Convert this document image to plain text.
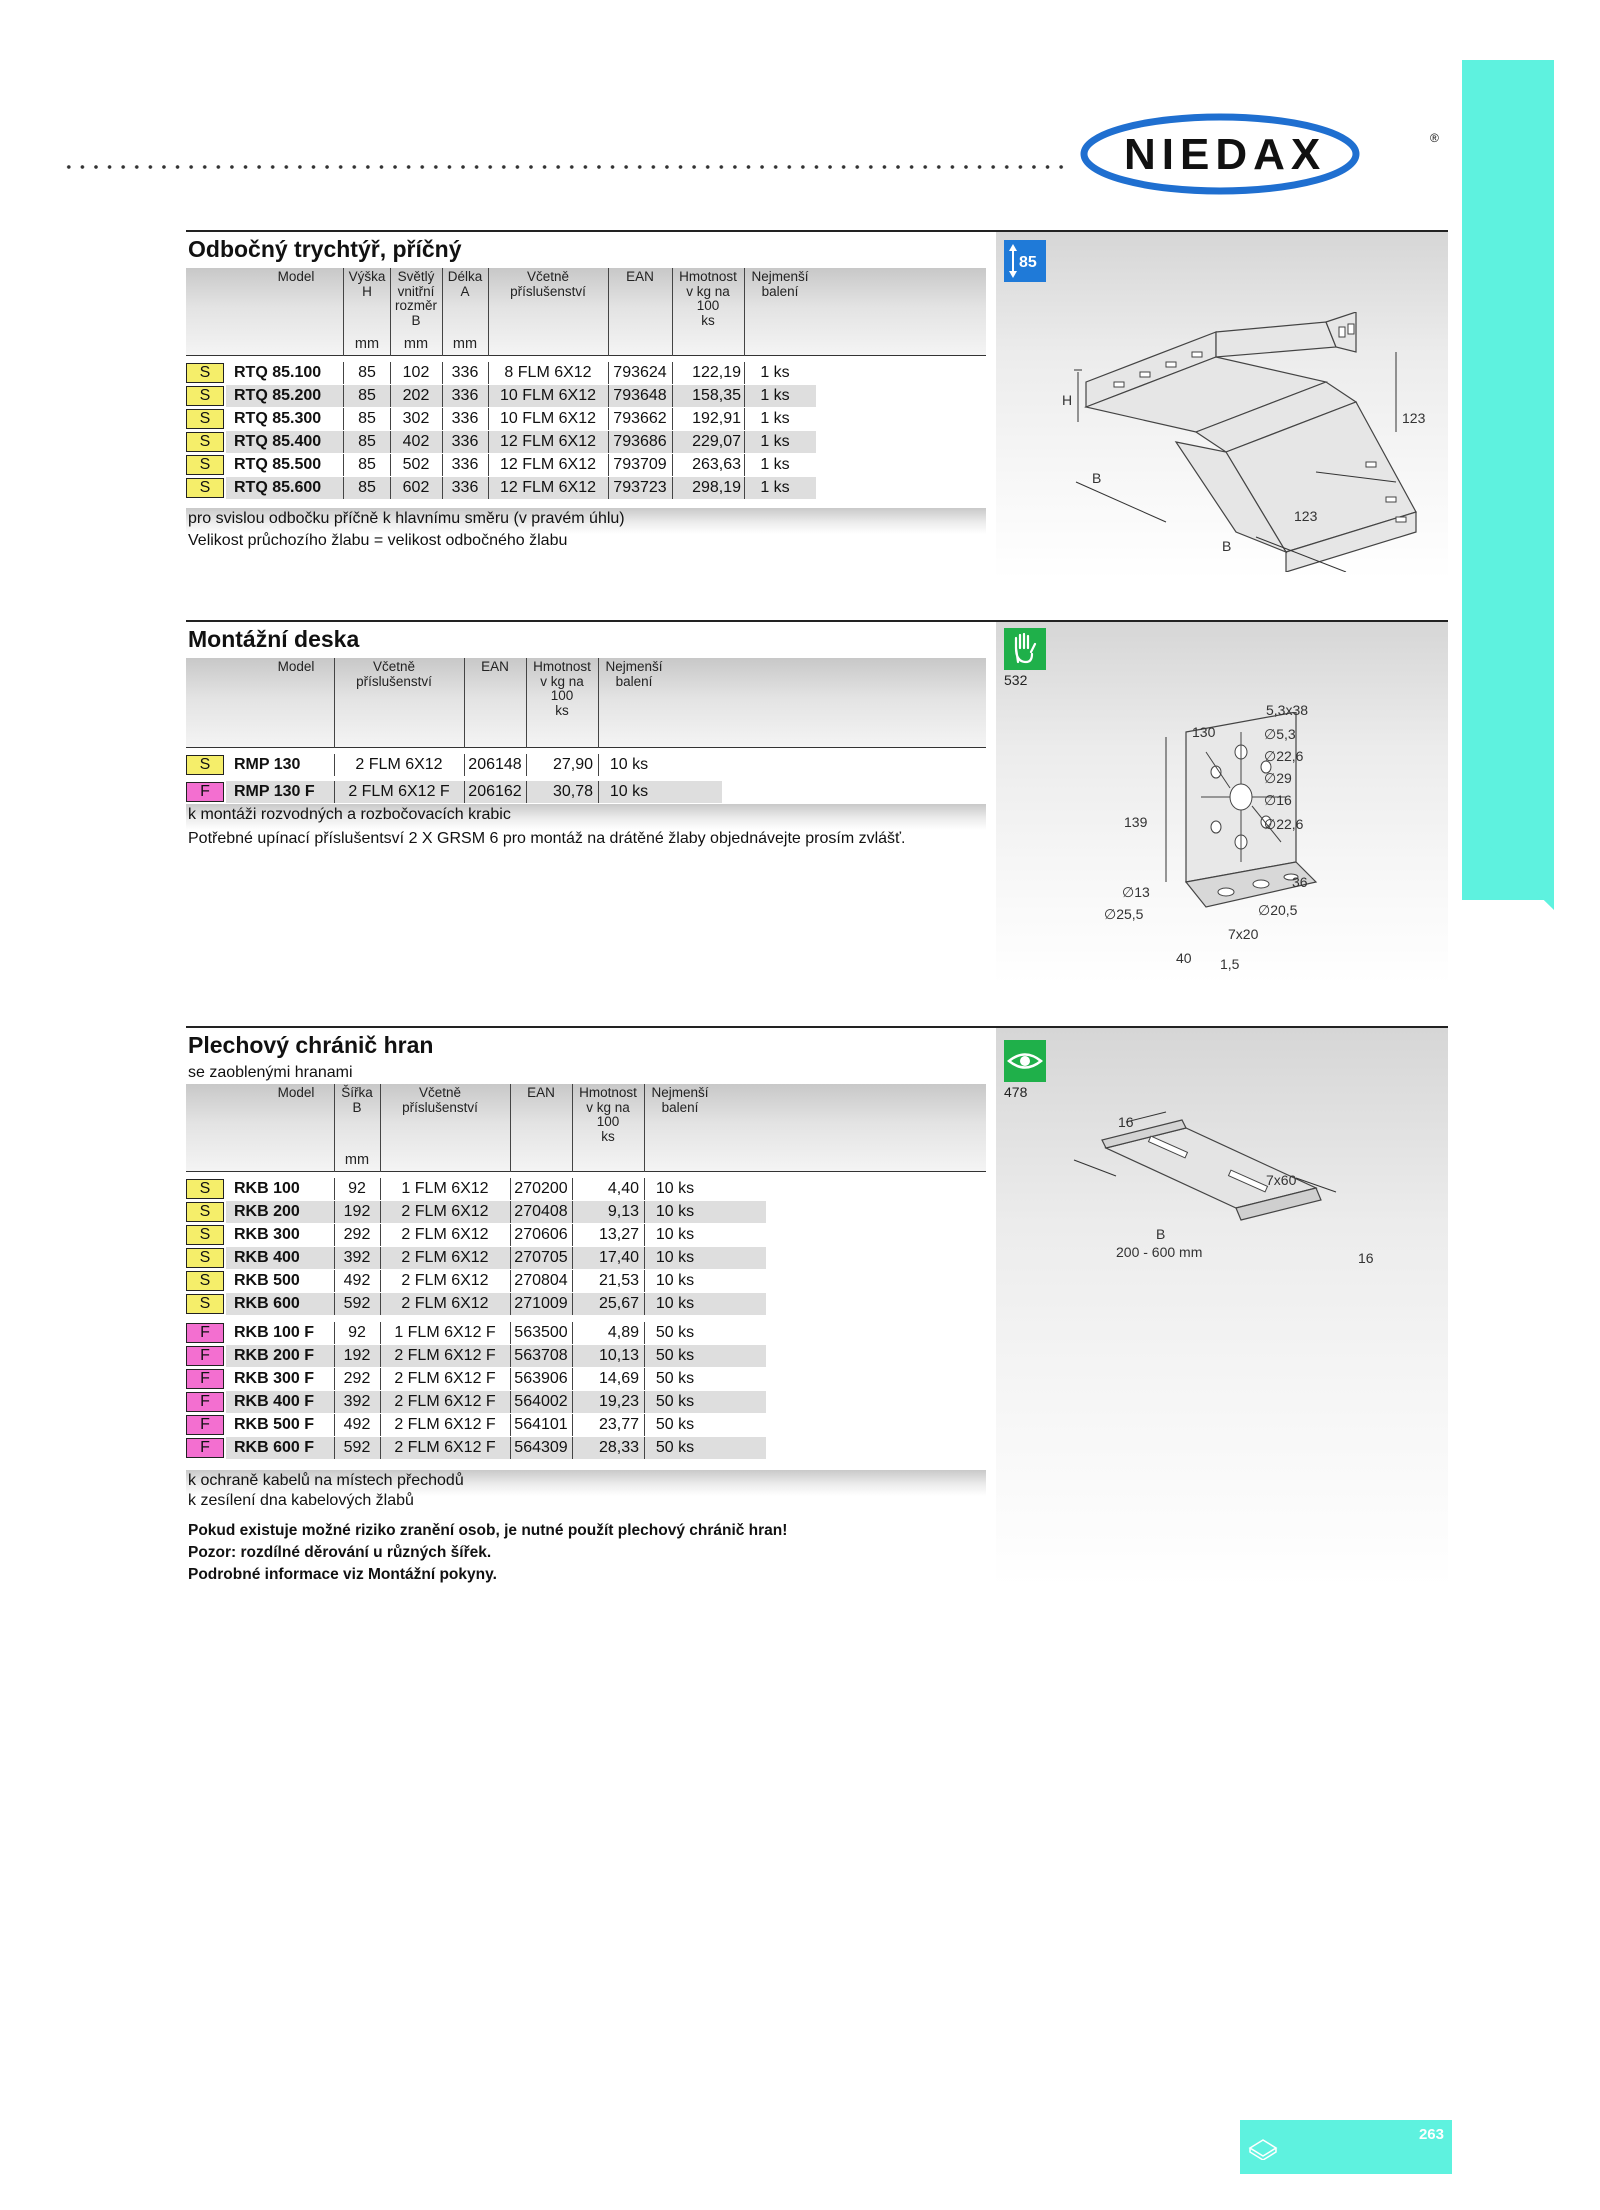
NIEDAX	®
Odbočný trychtýř, příčný
85
H
123
B
123
B
Model	Výška
H
Světlý
vnitřní
rozměr
B
Délka
A
Včetně
příslušenství
EAN	Hmotnost
v kg na
100
ks
Nejmenší
balení
mm	mm	mm
S	RTQ 85.100	85	102	336	8 FLM 6X12	793624	122,19	1 ks
S	RTQ 85.200	85	202	336	10 FLM 6X12	793648	158,35	1 ks
S	RTQ 85.300	85	302	336	10 FLM 6X12	793662	192,91	1 ks
S	RTQ 85.400	85	402	336	12 FLM 6X12	793686	229,07	1 ks
S	RTQ 85.500	85	502	336	12 FLM 6X12	793709	263,63	1 ks
S	RTQ 85.600	85	602	336	12 FLM 6X12	793723	298,19	1 ks
pro svislou odbočku příčně k hlavnímu směru (v pravém úhlu)
Velikost průchozího žlabu = velikost odbočného žlabu
Montážní deska
532
5,3x38
130	∅5,3
∅22,6
∅29
∅16
139	∅22,6
36
∅13
∅20,5
∅25,5
7x20
40 1,5
Model	Včetně
příslušenství
EAN	Hmotnost
v kg na
100
ks
Nejmenší
balení
S	RMP 130	2 FLM 6X12	206148	27,90	10 ks
F	RMP 130 F	2 FLM 6X12 F	206162	30,78	10 ks
k montáži rozvodných a rozbočovacích krabic
Potřebné upínací příslušentsví 2 X GRSM 6 pro montáž na drátěné žlaby objednávejte prosím zvlášť.
Plechový chránič hran
se zaoblenými hranami
478
16
7x60
B
200 - 600 mm	16
Model	Šířka
B
Včetně
příslušenství
EAN	Hmotnost
v kg na
100
ks
Nejmenší
balení
mm
S	RKB 100	92	1 FLM 6X12	270200	4,40	10 ks
S	RKB 200	192	2 FLM 6X12	270408	9,13	10 ks
S	RKB 300	292	2 FLM 6X12	270606	13,27	10 ks
S	RKB 400	392	2 FLM 6X12	270705	17,40	10 ks
S	RKB 500	492	2 FLM 6X12	270804	21,53	10 ks
S	RKB 600	592	2 FLM 6X12	271009	25,67	10 ks
F	RKB 100 F	92	1 FLM 6X12 F	563500	4,89	50 ks
F	RKB 200 F	192	2 FLM 6X12 F	563708	10,13	50 ks
F	RKB 300 F	292	2 FLM 6X12 F	563906	14,69	50 ks
F	RKB 400 F	392	2 FLM 6X12 F	564002	19,23	50 ks
F	RKB 500 F	492	2 FLM 6X12 F	564101	23,77	50 ks
F	RKB 600 F	592	2 FLM 6X12 F	564309	28,33	50 ks
k ochraně kabelů na místech přechodů
k zesílení dna kabelových žlabů
Pokud existuje možné riziko zranění osob, je nutné použít plechový chránič hran!
Pozor: rozdílné děrování u různých šířek.
Podrobné informace viz Montážní pokyny.
263
